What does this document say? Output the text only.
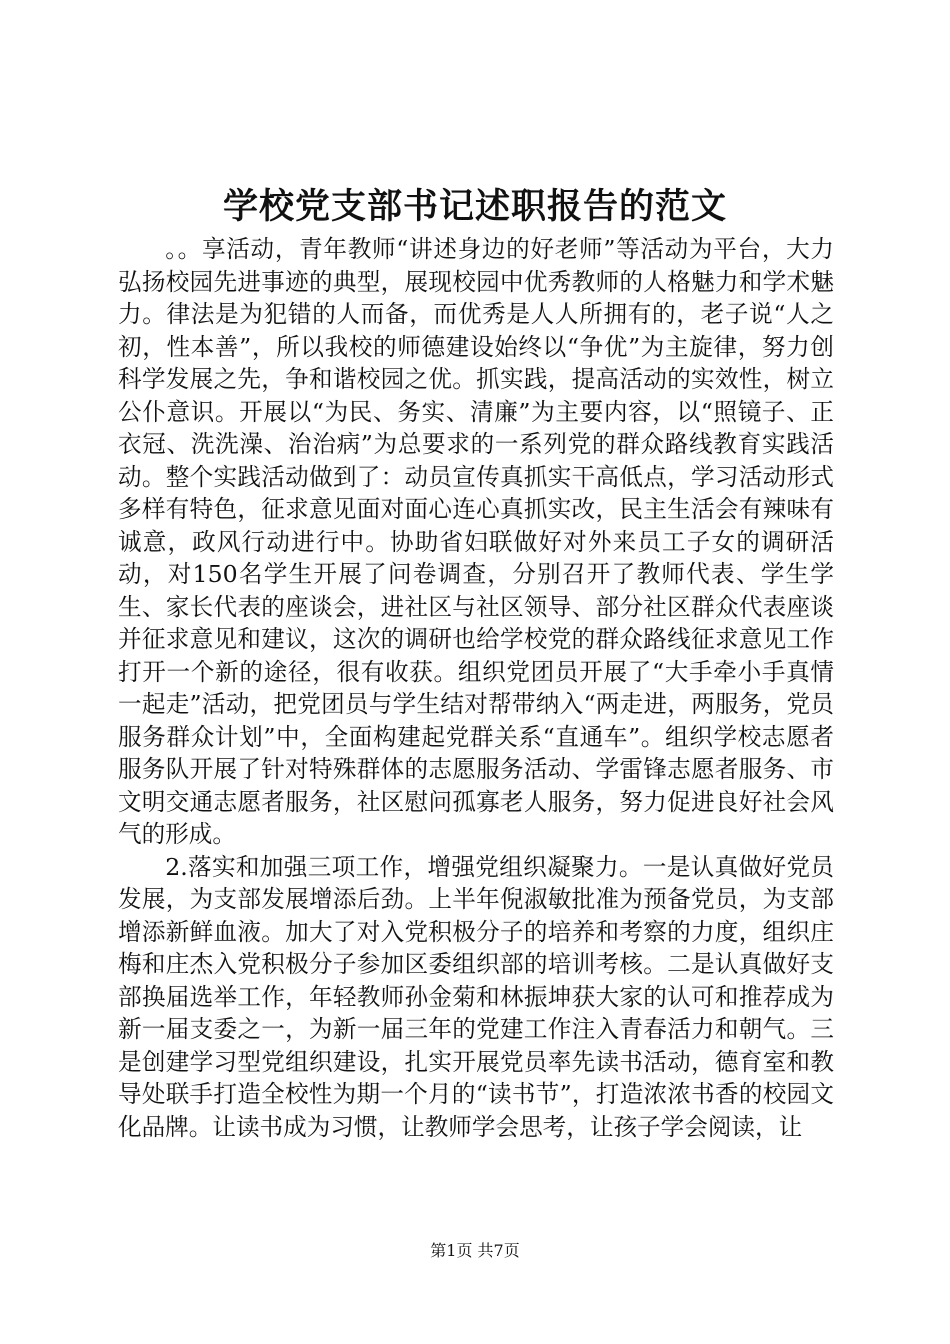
学校党支部书记述职报告的范文

。。享活动，青年教师“讲述身边的好老师”等活动为平台，大力弘扬校园先进事迹的典型，展现校园中优秀教师的人格魅力和学术魅力。律法是为犯错的人而备，而优秀是人人所拥有的，老子说“人之初，性本善”，所以我校的师德建设始终以“争优”为主旋律，努力创科学发展之先，争和谐校园之优。抓实践，提高活动的实效性，树立公仆意识。开展以“为民、务实、清廉”为主要内容，以“照镜子、正衣冠、洗洗澡、治治病”为总要求的一系列党的群众路线教育实践活动。整个实践活动做到了：动员宣传真抓实干高低点，学习活动形式多样有特色，征求意见面对面心连心真抓实改，民主生活会有辣味有诚意，政风行动进行中。协助省妇联做好对外来员工子女的调研活动，对150名学生开展了问卷调查，分别召开了教师代表、学生学生、家长代表的座谈会，进社区与社区领导、部分社区群众代表座谈并征求意见和建议，这次的调研也给学校党的群众路线征求意见工作打开一个新的途径，很有收获。组织党团员开展了“大手牵小手真情一起走”活动，把党团员与学生结对帮带纳入“两走进，两服务，党员服务群众计划”中，全面构建起党群关系“直通车”。组织学校志愿者服务队开展了针对特殊群体的志愿服务活动、学雷锋志愿者服务、市文明交通志愿者服务，社区慰问孤寡老人服务，努力促进良好社会风气的形成。

2.落实和加强三项工作，增强党组织凝聚力。一是认真做好党员发展，为支部发展增添后劲。上半年倪淑敏批准为预备党员，为支部增添新鲜血液。加大了对入党积极分子的培养和考察的力度，组织庄梅和庄杰入党积极分子参加区委组织部的培训考核。二是认真做好支部换届选举工作，年轻教师孙金菊和林振坤获大家的认可和推荐成为新一届支委之一，为新一届三年的党建工作注入青春活力和朝气。三是创建学习型党组织建设，扎实开展党员率先读书活动，德育室和教导处联手打造全校性为期一个月的“读书节”，打造浓浓书香的校园文化品牌。让读书成为习惯，让教师学会思考，让孩子学会阅读，让

第1页 共7页
